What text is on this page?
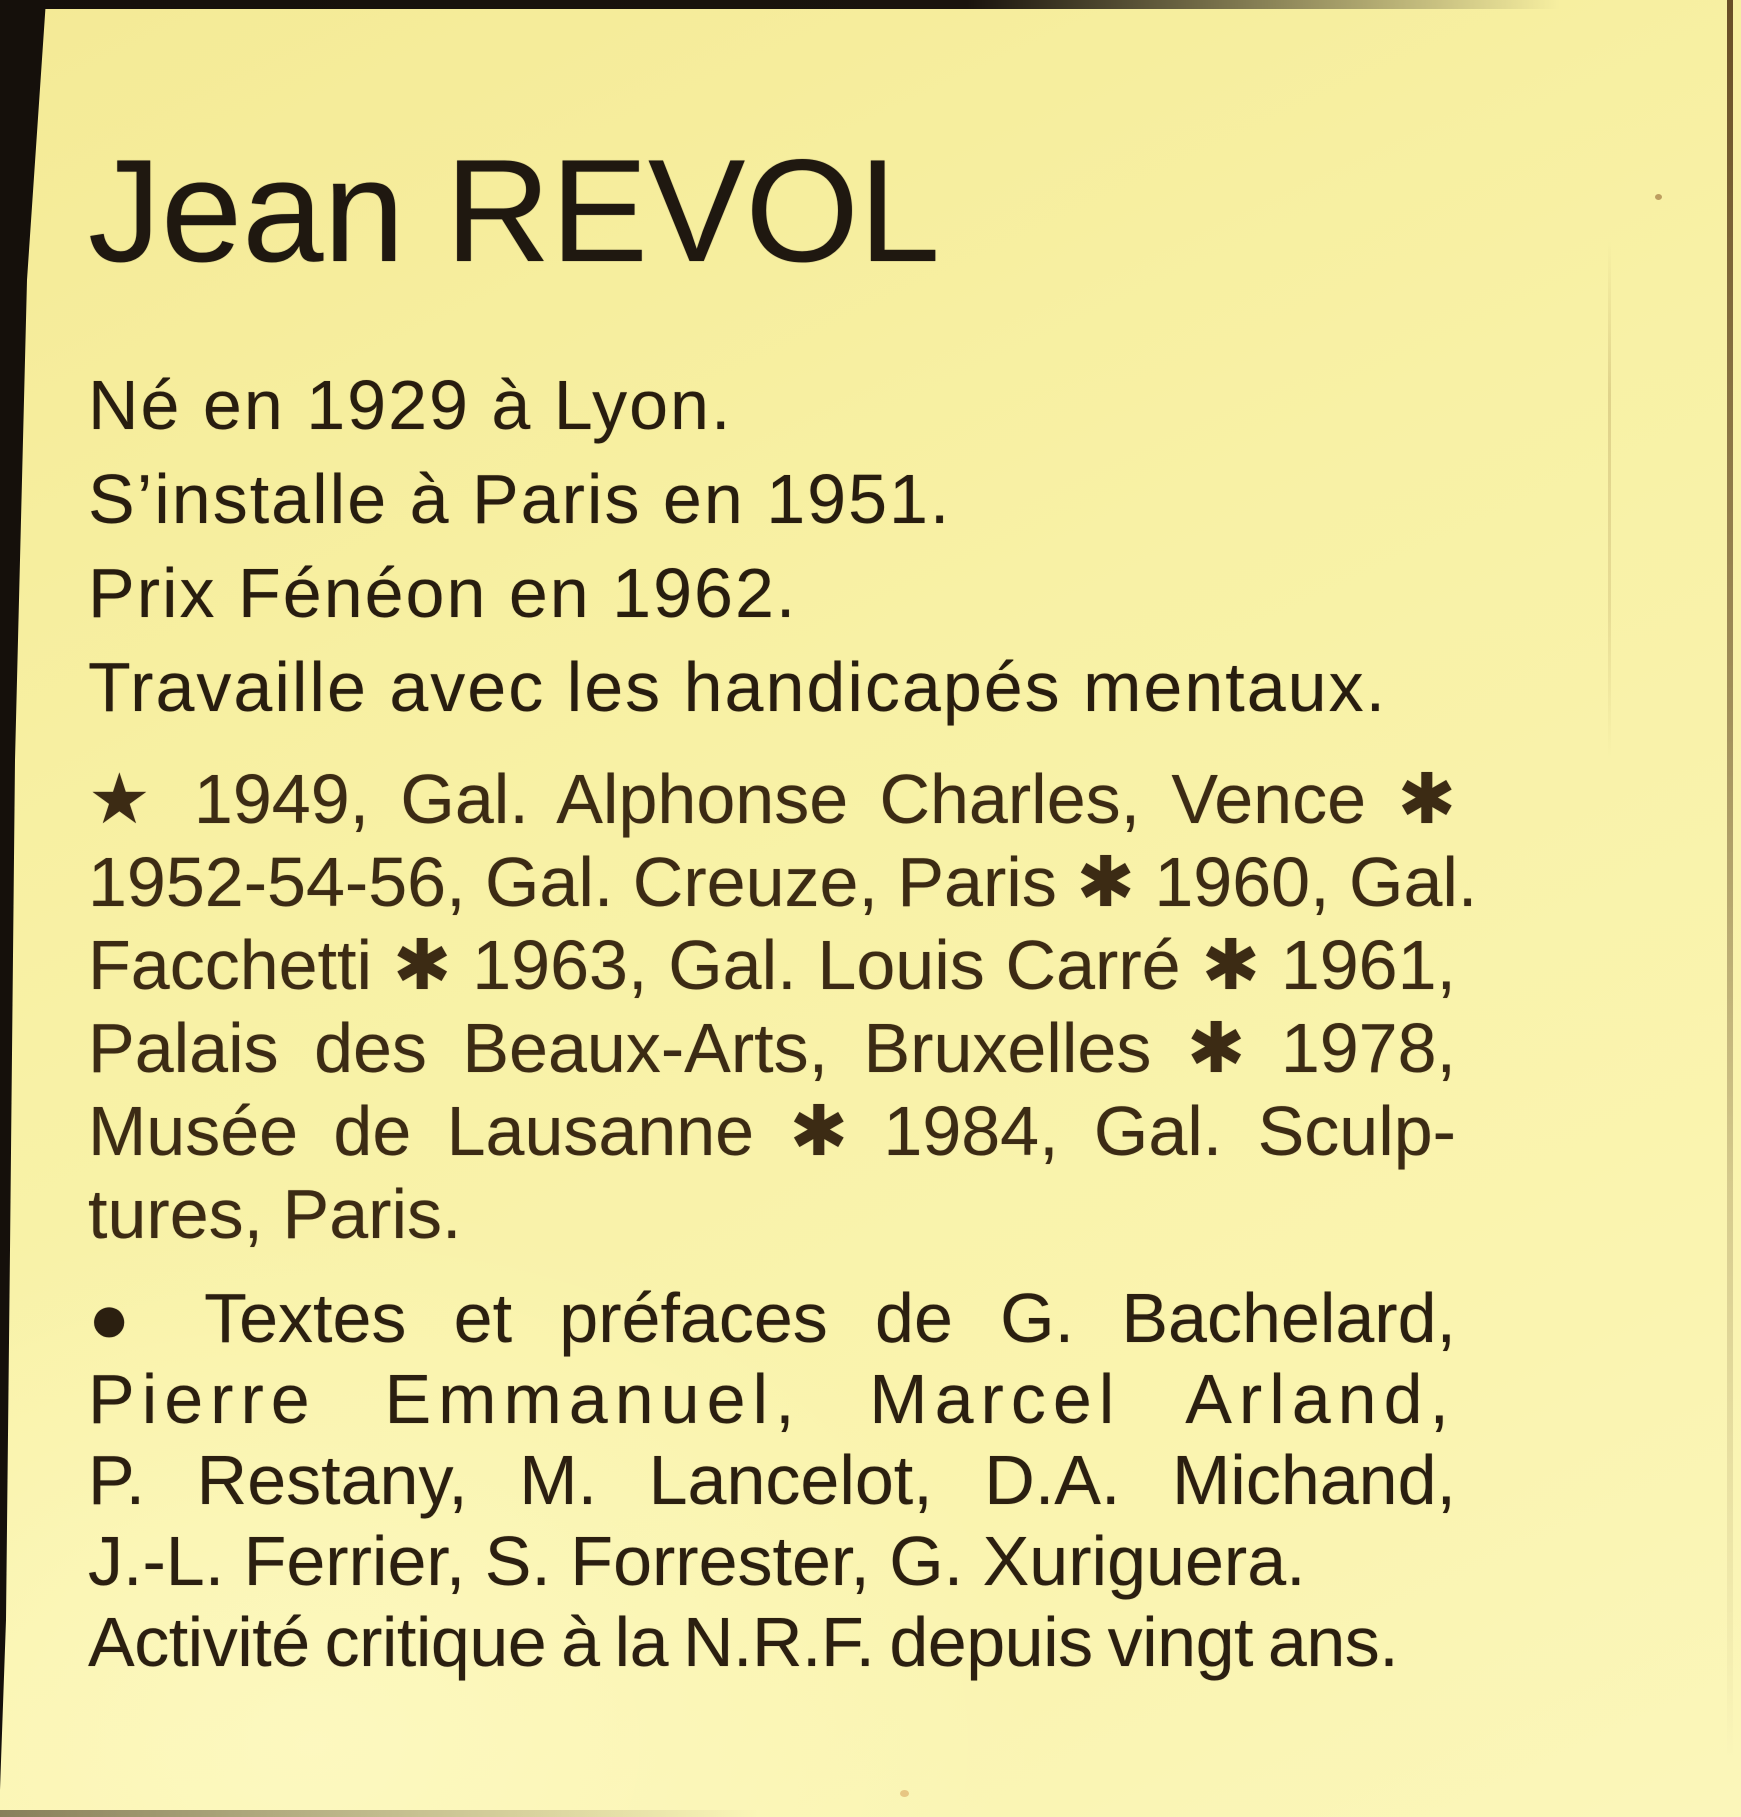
Jean REVOL
Né en 1929 à Lyon.
S’installe à Paris en 1951.
Prix Fénéon en 1962.
Travaille avec les handicapés mentaux.
★ 1949, Gal. Alphonse Charles, Vence ✱
1952-54-56, Gal. Creuze, Paris ✱ 1960, Gal.
Facchetti ✱ 1963, Gal. Louis Carré ✱ 1961,
Palais des Beaux-Arts, Bruxelles ✱ 1978,
Musée de Lausanne ✱ 1984, Gal. Sculp-
tures, Paris.
● Textes et préfaces de G. Bachelard,
Pierre Emmanuel, Marcel Arland,
P. Restany, M. Lancelot, D.A. Michand,
J.-L. Ferrier, S. Forrester, G. Xuriguera.
Activité critique à la N.R.F. depuis vingt ans.
